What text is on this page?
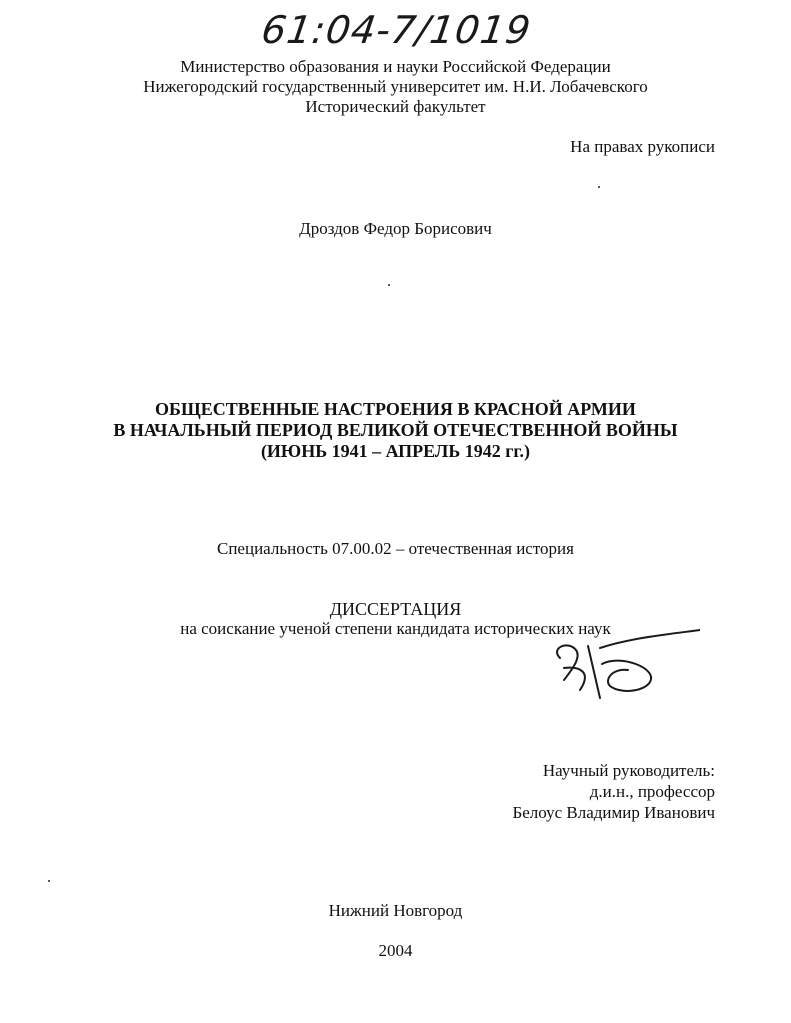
61:04-7/1019
Министерство образования и науки Российской Федерации
Нижегородский государственный университет им. Н.И. Лобачевского
Исторический факультет
На правах рукописи
Дроздов Федор Борисович
ОБЩЕСТВЕННЫЕ НАСТРОЕНИЯ В КРАСНОЙ АРМИИ
В НАЧАЛЬНЫЙ ПЕРИОД ВЕЛИКОЙ ОТЕЧЕСТВЕННОЙ ВОЙНЫ
(ИЮНЬ 1941 – АПРЕЛЬ 1942 гг.)
Специальность 07.00.02 – отечественная история
ДИССЕРТАЦИЯ
на соискание ученой степени кандидата исторических наук
Научный руководитель:
д.и.н., профессор
Белоус Владимир Иванович
Нижний Новгород
2004
